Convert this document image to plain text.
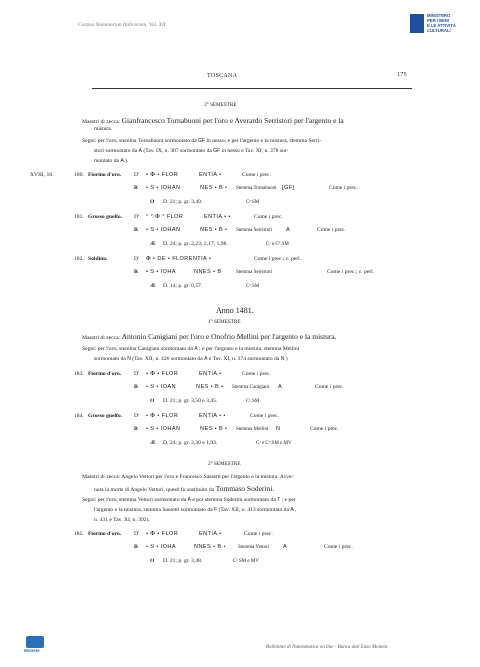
Corpus Nummorum Italicorum, Vol. XII
MINISTERO
PER I BENI
E LE ATTIVITÀ
CULTURALI
TOSCANA	175
2° SEMESTRE
Maestri di zecca: Gianfrancesco Tornabuoni per l'oro e Averardo Serristori per l'argento e la
mistura.
Segni: per l'oro, stemma Tornabuoni sormontato da GF in nesso; e per l'argento e la mistura, stemma Serri-
stori sormontato da A (Tav. IX, n. 307 sormontato da GF in nesso e Tav. XI, n. 378 sor-
montato da A ).
XVIII, 18.	180. Fiorino d'oro. D' • ✠ • FLOR	ENTIA •	Come i prec.
R • S • IOHAN	NES • B • Stemma Tornabuoni [GF]	Come i prec.
O D. 21; p. gr. 3,49.	Cᵃ SM
181. Grosso guelfo. D' ° ° ✠ ° FLOR	ENTIA • •	Come i prec.
R • S • IOHAN	NES • B • Stemma Serristori A	Come i prec.
Æ D. 24; p. gr. 2,23; 2,17; 1,98.	Cᵃ e Cᵇ SM
182. Soldino.	D' ✠ • DE • FLORENTIA •	Come i prec.; c. perl.
R • S • IOHA	NNES • B	Stemma Serristori	Come i prec.; c. perl.
Æ D. 14; p. gr. 0,57.	Cᵃ SM
Anno 1481.
1° SEMESTRE
Maestri di zecca: Antonio Canigiani per l'oro e Onofrio Mellini per l'argento e la mistura.
Segni: per l'oro, stemma Canigiani sormontato da A ; e per l'argento e la mistura, stemma Mellini
sormontato da N (Tav. XII, n. 426 sormontato da A e Tav. XI, n. 374 sormontato da N )
183. Fiorino d'oro. D' • ✠ • FLOR	ENTIA •	Come i prec.
R • S • IOAN	NES • B • Stemma Canigiani A	Come i prec.
O D. 21; p. gr. 3,50 e 3,45.	Cᵃ SM
184. Grosso guelfo. D' • ✠ • FLOR	ENTIA • •	Come i prec.
R • S • IOHAN	NES • B • Stemma Mellini N	Come i prec.
Æ D. 24; p. gr. 2,30 e 1,93.	Cᵃ e Cᵇ SM e MV
2° SEMESTRE
Maestri di zecca: Angelo Vettori per l'oro e Francesco Sassetti per l'argento e la mistura. Avve-
nuta la morte di Angelo Vettori, questi fu sostituito da Tommaso Soderini.
Segni: per l'oro, stemma Vettori sormontato da A e poi stemma Soderini sormontato da T ; e per
l'argento e la mistura, stemma Sassetti sormontato da F (Tav. XII, n. 413 sormontato da A ,
n. 431 e Tav. XI, n. 392).
185. Fiorino d'oro. D' • ✠ • FLOR	ENTIA •	Come i prec.
R • S • IOHA	NNES • B • Stemma Vettori A	Come i prec.
O D. 21; p. gr. 3,48.	Cᵃ SM e MV
Monete
Bollettino di Numismatica on line - Banca dati Enzo Moneta
